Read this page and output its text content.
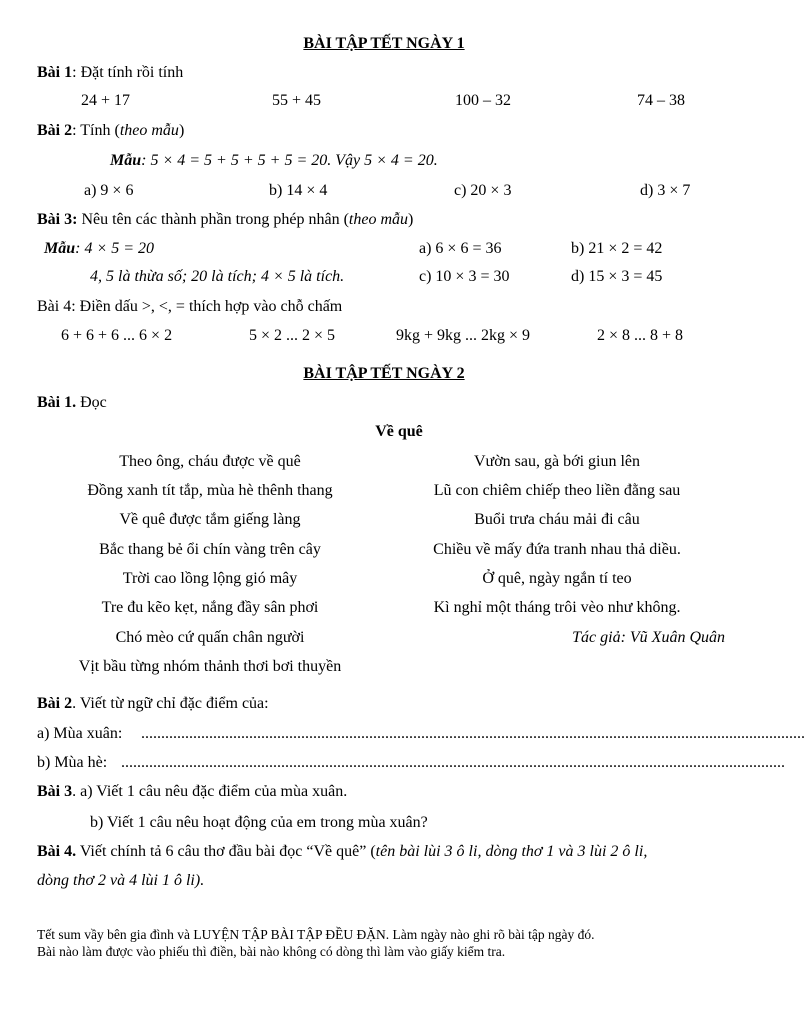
BÀI TẬP TẾT NGÀY 1
Bài 1: Đặt tính rồi tính
24 + 17	55 + 45	100 – 32	74 – 38
Bài 2: Tính (theo mẫu)
Mẫu: 5 × 4 = 5 + 5 + 5 + 5 = 20. Vậy 5 × 4 = 20.
a) 9 × 6	b) 14 × 4	c) 20 × 3	d) 3 × 7
Bài 3: Nêu tên các thành phần trong phép nhân (theo mẫu)
Mẫu: 4 × 5 = 20	a) 6 × 6 = 36	b) 21 × 2 = 42
4, 5 là thừa số; 20 là tích; 4 × 5 là tích.	c) 10 × 3 = 30	d) 15 × 3 = 45
Bài 4: Điền dấu >, <, = thích hợp vào chỗ chấm
6 + 6 + 6 ... 6 × 2	5 × 2 ... 2 × 5	9kg + 9kg ... 2kg × 9	2 × 8 ... 8 + 8
BÀI TẬP TẾT NGÀY 2
Bài 1. Đọc
Về quê
Theo ông, cháu được về quê
Đồng xanh tít tắp, mùa hè thênh thang
Về quê được tắm giếng làng
Bắc thang bẻ ổi chín vàng trên cây
Trời cao lồng lộng gió mây
Tre đu kẽo kẹt, nắng đầy sân phơi
Chó mèo cứ quấn chân người
Vịt bầu từng nhóm thảnh thơi bơi thuyền
Vườn sau, gà bới giun lên
Lũ con chiêm chiếp theo liền đằng sau
Buổi trưa cháu mải đi câu
Chiều về mấy đứa tranh nhau thả diều.
Ở quê, ngày ngắn tí teo
Kì nghỉ một tháng trôi vèo như không.
Tác giả: Vũ Xuân Quân
Bài 2. Viết từ ngữ chỉ đặc điểm của:
a) Mùa xuân:	......................................................................................................................................................................
b) Mùa hè: ......................................................................................................................................................................
Bài 3. a) Viết 1 câu nêu đặc điểm của mùa xuân.
b) Viết 1 câu nêu hoạt động của em trong mùa xuân?
Bài 4. Viết chính tả 6 câu thơ đầu bài đọc “Về quê” (tên bài lùi 3 ô li, dòng thơ 1 và 3 lùi 2 ô li,
dòng thơ 2 và 4 lùi 1 ô li).
Tết sum vầy bên gia đình và LUYỆN TẬP BÀI TẬP ĐỀU ĐẶN. Làm ngày nào ghi rõ bài tập ngày đó.
Bài nào làm được vào phiếu thì điền, bài nào không có dòng thì làm vào giấy kiểm tra.
